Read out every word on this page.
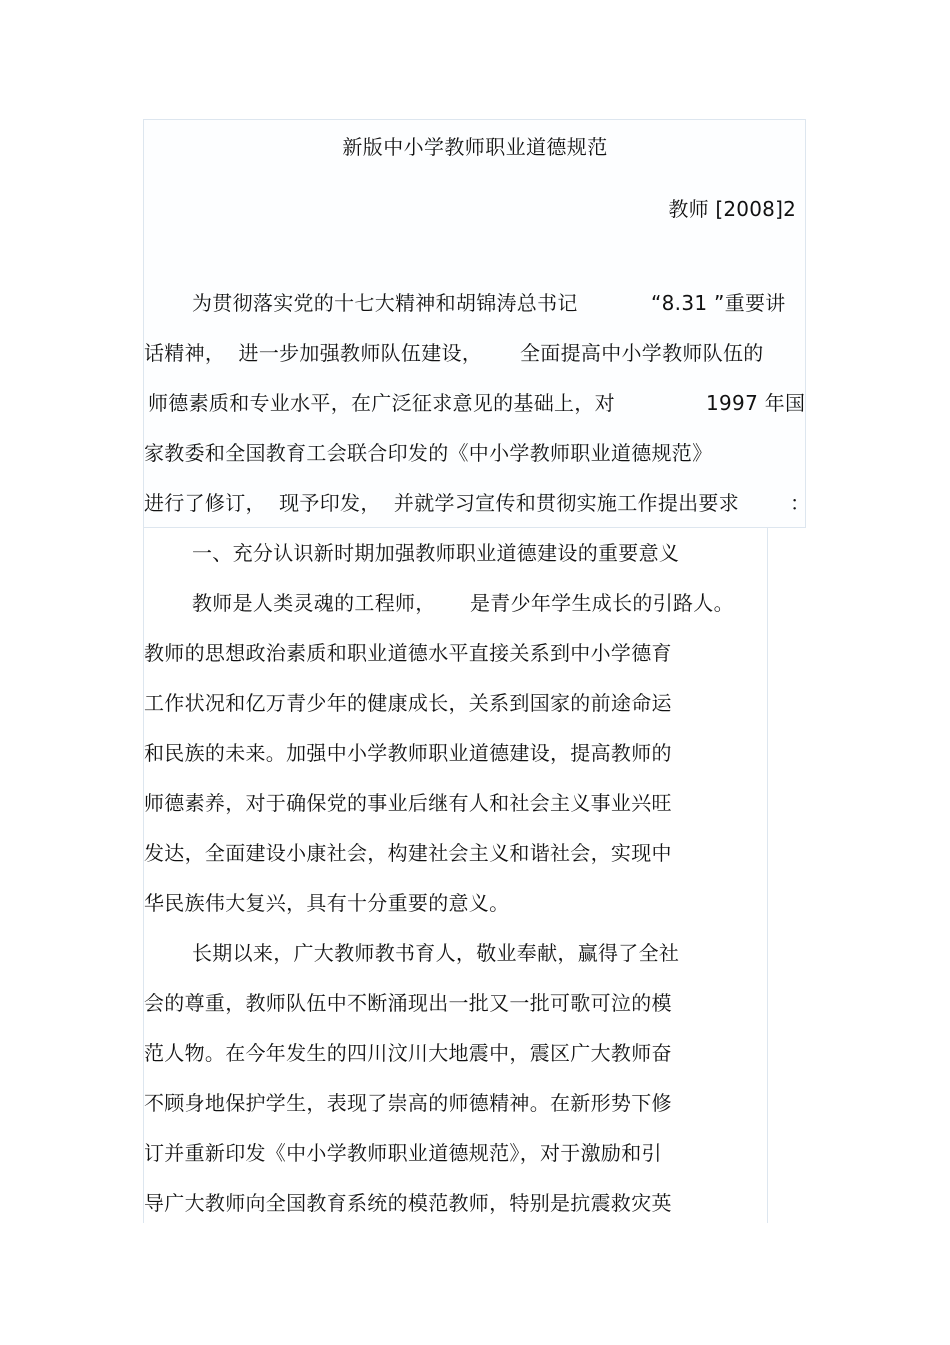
新版中小学教师职业道德规范
教师 [2008]2
为贯彻落实党的十七大精神和胡锦涛总书记	“8.31 ”重要讲
话精神，  进一步加强教师队伍建设， 全面提高中小学教师队伍的
师德素质和专业水平，在广泛征求意见的基础上，对	1997 年国
家教委和全国教育工会联合印发的《中小学教师职业道德规范》
进行了修订，  现予印发，  并就学习宣传和贯彻实施工作提出要求	：
一、充分认识新时期加强教师职业道德建设的重要意义
教师是人类灵魂的工程师， 是青少年学生成长的引路人。
教师的思想政治素质和职业道德水平直接关系到中小学德育
工作状况和亿万青少年的健康成长，关系到国家的前途命运
和民族的未来。加强中小学教师职业道德建设，提高教师的
师德素养，对于确保党的事业后继有人和社会主义事业兴旺
发达，全面建设小康社会，构建社会主义和谐社会，实现中
华民族伟大复兴，具有十分重要的意义。
长期以来，广大教师教书育人，敬业奉献，赢得了全社
会的尊重，教师队伍中不断涌现出一批又一批可歌可泣的模
范人物。在今年发生的四川汶川大地震中，震区广大教师奋
不顾身地保护学生，表现了崇高的师德精神。在新形势下修
订并重新印发《中小学教师职业道德规范》，对于激励和引
导广大教师向全国教育系统的模范教师，特别是抗震救灾英
